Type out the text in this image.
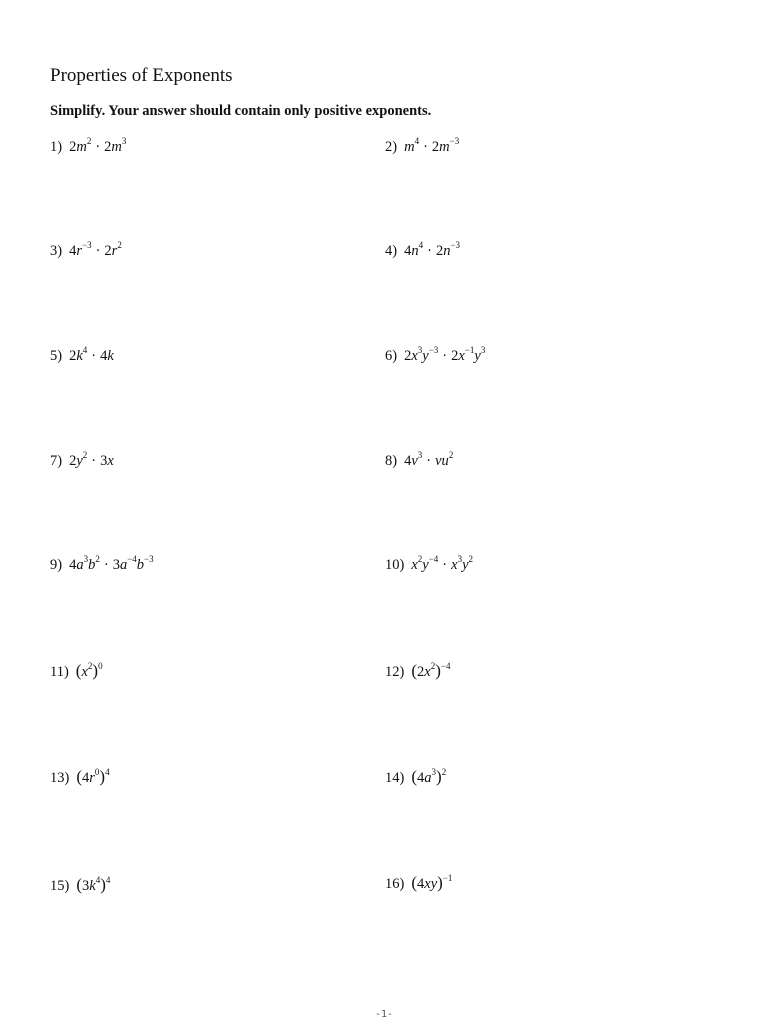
Properties of Exponents
Simplify. Your answer should contain only positive exponents.
1) $2m^2 \cdot 2m^3$	2) $m^4 \cdot 2m^{-3}$
3) $4r^{-3} \cdot 2r^2$	4) $4n^4 \cdot 2n^{-3}$
5) $2k^4 \cdot 4k$	6) $2x^3y^{-3} \cdot 2x^{-1}y^3$
7) $2y^2 \cdot 3x$	8) $4v^3 \cdot vu^2$
9) $4a^3b^2 \cdot 3a^{-4}b^{-3}$	10) $x^2y^{-4} \cdot x^3y^2$
11) $(x^2)^0$	12) $(2x^2)^{-4}$
13) $(4r^0)^4$	14) $(4a^3)^2$
15) $(3k^4)^4$	16) $(4xy)^{-1}$
-1-
